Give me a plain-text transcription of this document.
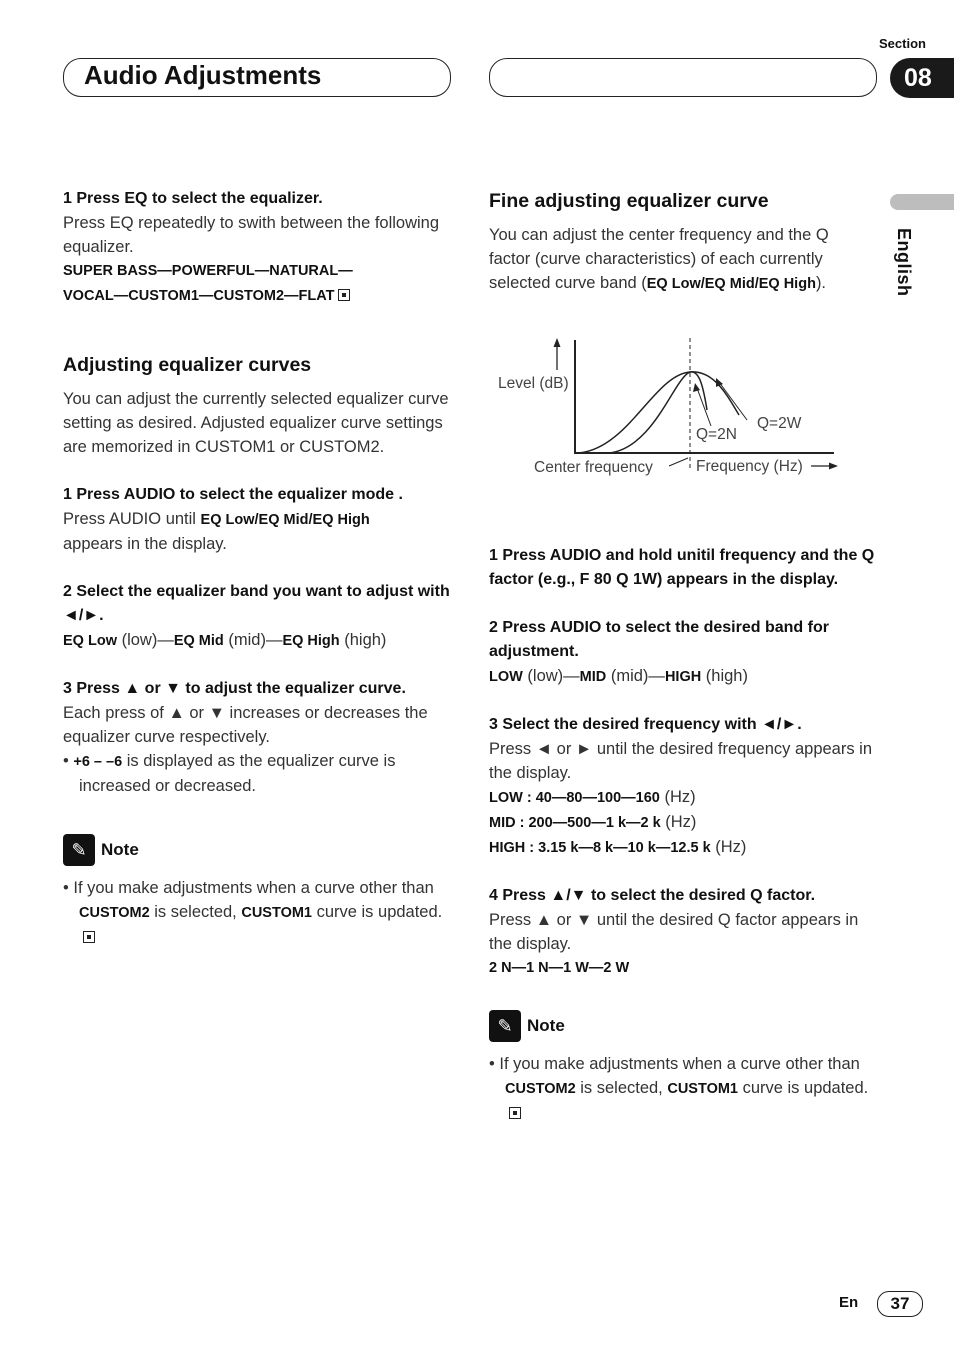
Audio Adjustments
Section
08
English
1 Press EQ to select the equalizer.
Press EQ repeatedly to swith between the following equalizer.
SUPER BASS—POWERFUL—NATURAL—
VOCAL—CUSTOM1—CUSTOM2—FLAT
Adjusting equalizer curves
You can adjust the currently selected equalizer curve setting as desired. Adjusted equalizer curve settings are memorized in CUSTOM1 or CUSTOM2.
1 Press AUDIO to select the equalizer mode .
Press AUDIO until EQ Low/EQ Mid/EQ High
appears in the display.
2 Select the equalizer band you want to adjust with ◄/►.
EQ Low (low)—EQ Mid (mid)—EQ High (high)
3 Press ▲ or ▼ to adjust the equalizer curve.
Each press of ▲ or ▼ increases or decreases the equalizer curve respectively.
• +6 – –6 is displayed as the equalizer curve is increased or decreased.
✎ Note
• If you make adjustments when a curve other than CUSTOM2 is selected, CUSTOM1 curve is updated.
Fine adjusting equalizer curve
You can adjust the center frequency and the Q factor (curve characteristics) of each currently selected curve band (EQ Low/EQ Mid/EQ High).
Level (dB)
Q=2N
Q=2W
Center frequency	Frequency (Hz)
1 Press AUDIO and hold unitil frequency and the Q factor (e.g., F 80 Q 1W) appears in the display.
2 Press AUDIO to select the desired band for adjustment.
LOW (low)—MID (mid)—HIGH (high)
3 Select the desired frequency with ◄/►.
Press ◄ or ► until the desired frequency appears in the display.
LOW : 40—80—100—160 (Hz)
MID : 200—500—1 k—2 k (Hz)
HIGH : 3.15 k—8 k—10 k—12.5 k (Hz)
4 Press ▲/▼ to select the desired Q factor.
Press ▲ or ▼ until the desired Q factor appears in the display.
2 N—1 N—1 W—2 W
✎ Note
• If you make adjustments when a curve other than CUSTOM2 is selected, CUSTOM1 curve is updated.
En	37
